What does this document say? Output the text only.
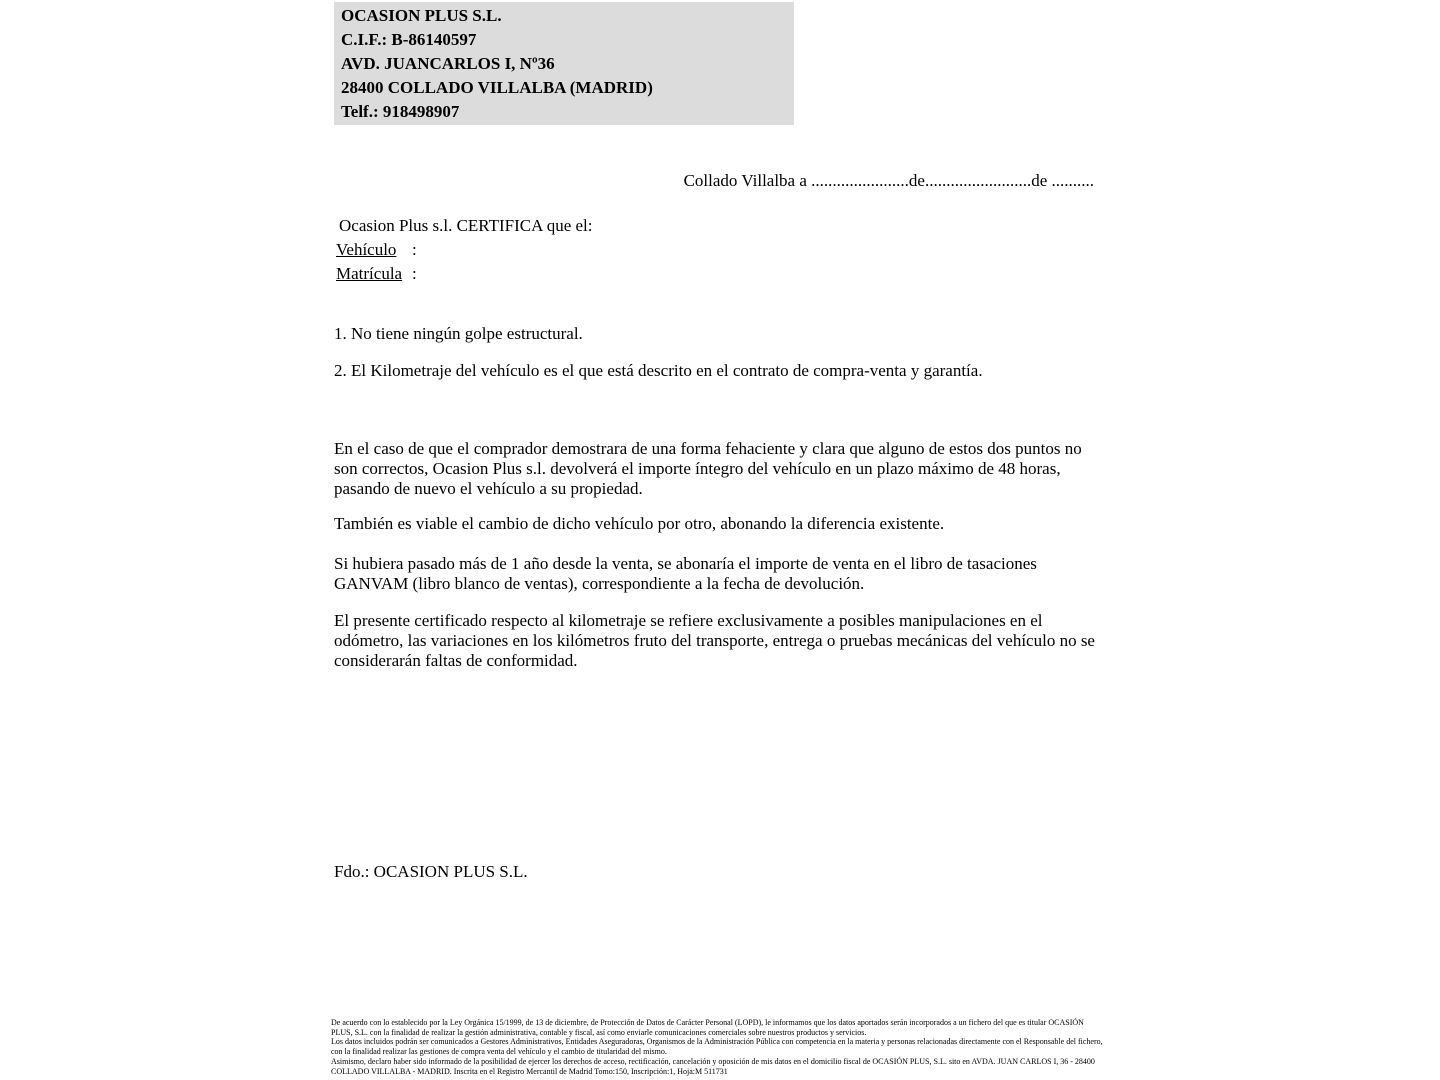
OCASION PLUS S.L.
C.I.F.: B-86140597
AVD. JUANCARLOS I, Nº36
28400 COLLADO VILLALBA (MADRID)
Telf.: 918498907
Collado Villalba a .......................de.........................de ..........
Ocasion Plus s.l. CERTIFICA que el:
Vehículo :
Matrícula :
1. No tiene ningún golpe estructural.
2. El Kilometraje del vehículo es el que está descrito en el contrato de compra-venta y garantía.
En el caso de que el comprador demostrara de una forma fehaciente y clara que alguno de estos dos puntos no son correctos, Ocasion Plus s.l. devolverá el importe íntegro del vehículo en un plazo máximo de 48 horas, pasando de nuevo el vehículo a su propiedad.
También es viable el cambio de dicho vehículo por otro, abonando la diferencia existente.
Si hubiera pasado más de 1 año desde la venta, se abonaría el importe de venta en el libro de tasaciones GANVAM (libro blanco de ventas), correspondiente a la fecha de devolución.
El presente certificado respecto al kilometraje se refiere exclusivamente a posibles manipulaciones en el odómetro, las variaciones en los kilómetros fruto del transporte, entrega o pruebas mecánicas del vehículo no se considerarán faltas de conformidad.
Fdo.: OCASION PLUS S.L.

De acuerdo con lo establecido por la Ley Orgánica 15/1999, de 13 de diciembre, de Protección de Datos de Carácter Personal (LOPD), le informamos que los datos aportados serán incorporados a un fichero del que es titular OCASIÓN PLUS, S.L. con la finalidad de realizar la gestión administrativa, contable y fiscal, así como enviarle comunicaciones comerciales sobre nuestros productos y servicios.

Los datos incluidos podrán ser comunicados a Gestores Administrativos, Entidades Aseguradoras, Organismos de la Administración Pública con competencia en la materia y personas relacionadas directamente con el Responsable del fichero, con la finalidad realizar las gestiones de compra venta del vehículo y el cambio de titularidad del mismo.

Asimismo, declaro haber sido informado de la posibilidad de ejercer los derechos de acceso, rectificación, cancelación y oposición de mis datos en el domicilio fiscal de OCASIÓN PLUS, S.L. sito en AVDA. JUAN CARLOS I, 36 - 28400 COLLADO VILLALBA - MADRID. Inscrita en el Registro Mercantil de Madrid Tomo:150, Inscripción:1, Hoja:M 511731
